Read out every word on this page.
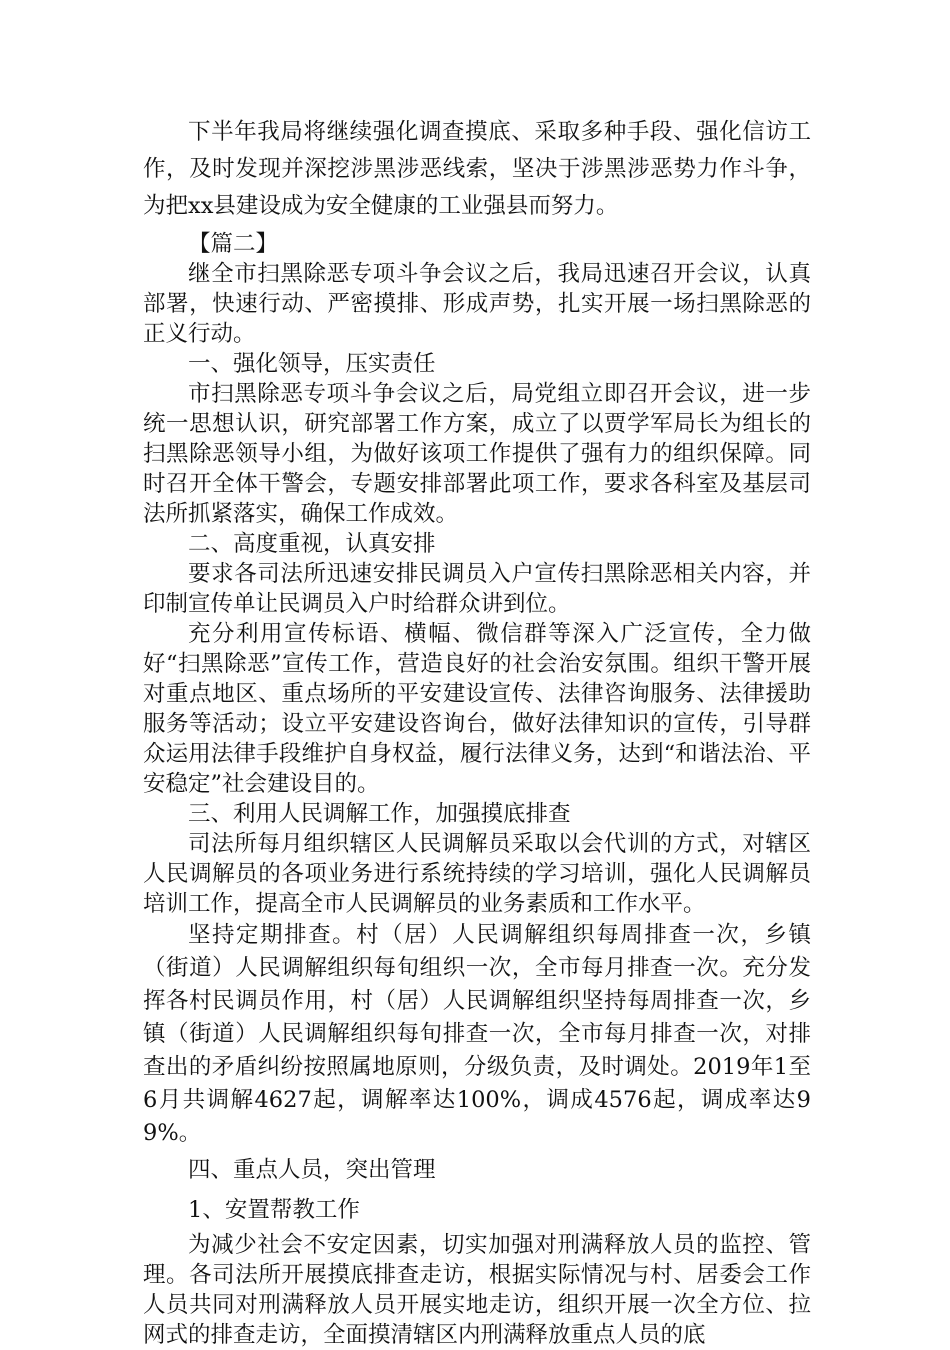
下半年我局将继续强化调查摸底、采取多种手段、强化信访工作，及时发现并深挖涉黑涉恶线索，坚决于涉黑涉恶势力作斗争，为把xx县建设成为安全健康的工业强县而努力。

【篇二】

继全市扫黑除恶专项斗争会议之后，我局迅速召开会议，认真部署，快速行动、严密摸排、形成声势，扎实开展一场扫黑除恶的正义行动。

一、强化领导，压实责任

市扫黑除恶专项斗争会议之后，局党组立即召开会议，进一步统一思想认识，研究部署工作方案，成立了以贾学军局长为组长的扫黑除恶领导小组，为做好该项工作提供了强有力的组织保障。同时召开全体干警会，专题安排部署此项工作，要求各科室及基层司法所抓紧落实，确保工作成效。

二、高度重视，认真安排

要求各司法所迅速安排民调员入户宣传扫黑除恶相关内容，并印制宣传单让民调员入户时给群众讲到位。

充分利用宣传标语、横幅、微信群等深入广泛宣传，全力做好“扫黑除恶”宣传工作，营造良好的社会治安氛围。组织干警开展对重点地区、重点场所的平安建设宣传、法律咨询服务、法律援助服务等活动；设立平安建设咨询台，做好法律知识的宣传，引导群众运用法律手段维护自身权益，履行法律义务，达到“和谐法治、平安稳定”社会建设目的。

三、利用人民调解工作，加强摸底排查

司法所每月组织辖区人民调解员采取以会代训的方式，对辖区人民调解员的各项业务进行系统持续的学习培训，强化人民调解员培训工作，提高全市人民调解员的业务素质和工作水平。

坚持定期排查。村（居）人民调解组织每周排查一次，乡镇（街道）人民调解组织每旬组织一次，全市每月排查一次。充分发挥各村民调员作用，村（居）人民调解组织坚持每周排查一次，乡镇（街道）人民调解组织每旬排查一次，全市每月排查一次，对排查出的矛盾纠纷按照属地原则，分级负责，及时调处。2019年1至6月共调解4627起，调解率达100%，调成4576起，调成率达99%。

四、重点人员，突出管理

1、安置帮教工作

为减少社会不安定因素，切实加强对刑满释放人员的监控、管理。各司法所开展摸底排查走访，根据实际情况与村、居委会工作人员共同对刑满释放人员开展实地走访，组织开展一次全方位、拉网式的排查走访，全面摸清辖区内刑满释放重点人员的底
